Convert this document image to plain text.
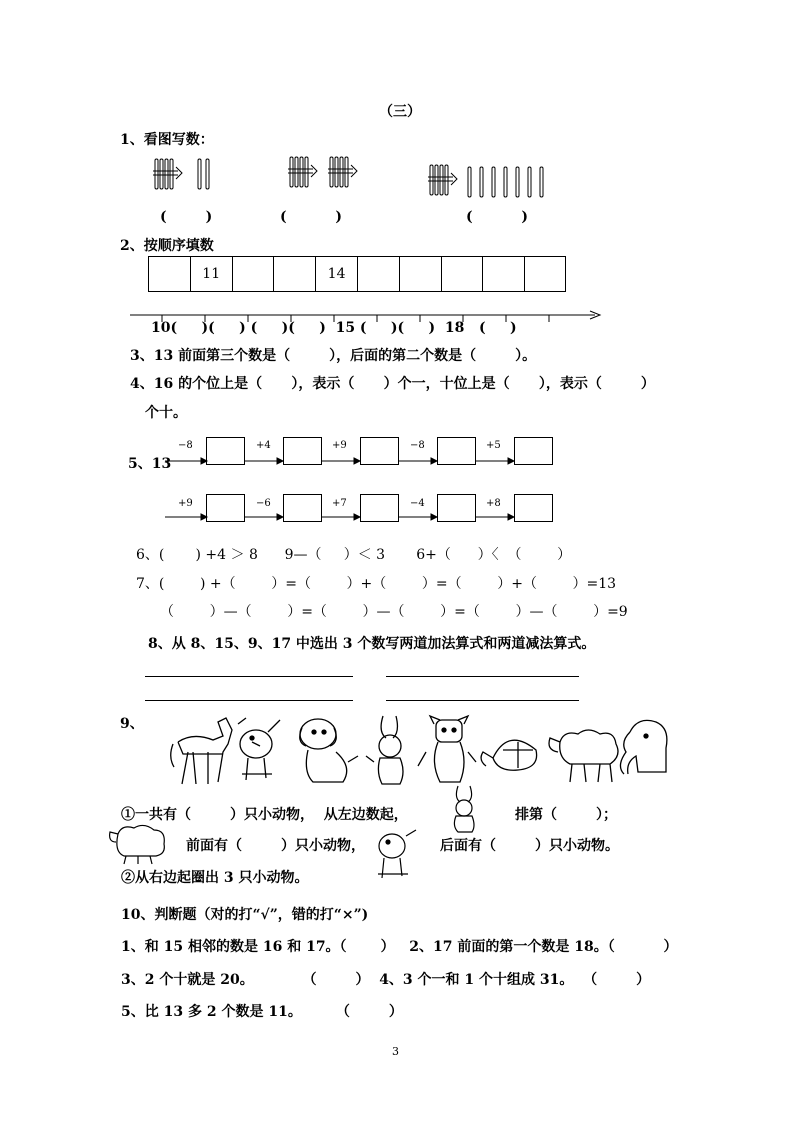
（三）
1、看图写数：
(        )	(          )	(          )
2、按顺序填数
11	14
10(     )(     ) (     )(     )  15 (     )(     )  18   (     )
3、13 前面第三个数是（        ），后面的第二个数是（        ）。
4、16 的个位上是（      ），表示（      ）个一，十位上是（      ），表示（        ）
个十。
5、13
−8	+4	+9	−8	+5
+9	−6	+7	−4	+8
6、(       ) +4 ＞ 8      9—（     ）＜ 3       6+（      ）〈  （        ）
7、(        ) +（        ）=（        ）+（        ）=（        ）+（        ）=13
（        ）—（        ）=（        ）—（        ）=（        ）—（        ）=9
8、从 8、15、9、17 中选出 3 个数写两道加法算式和两道减法算式。
9、
①一共有（        ）只小动物，  从左边数起，	排第（        ）；
前面有（        ）只小动物，	后面有（        ）只小动物。
②从右边起圈出 3 只小动物。
10、判断题（对的打“√”，错的打“×”)
1、和 15 相邻的数是 16 和 17。（       ）   2、17 前面的第一个数是 18。（          ）
3、2 个十就是 20。          （        ）  4、3 个一和 1 个十组成 31。  （        ）
5、比 13 多 2 个数是 11。       （        ）
3
